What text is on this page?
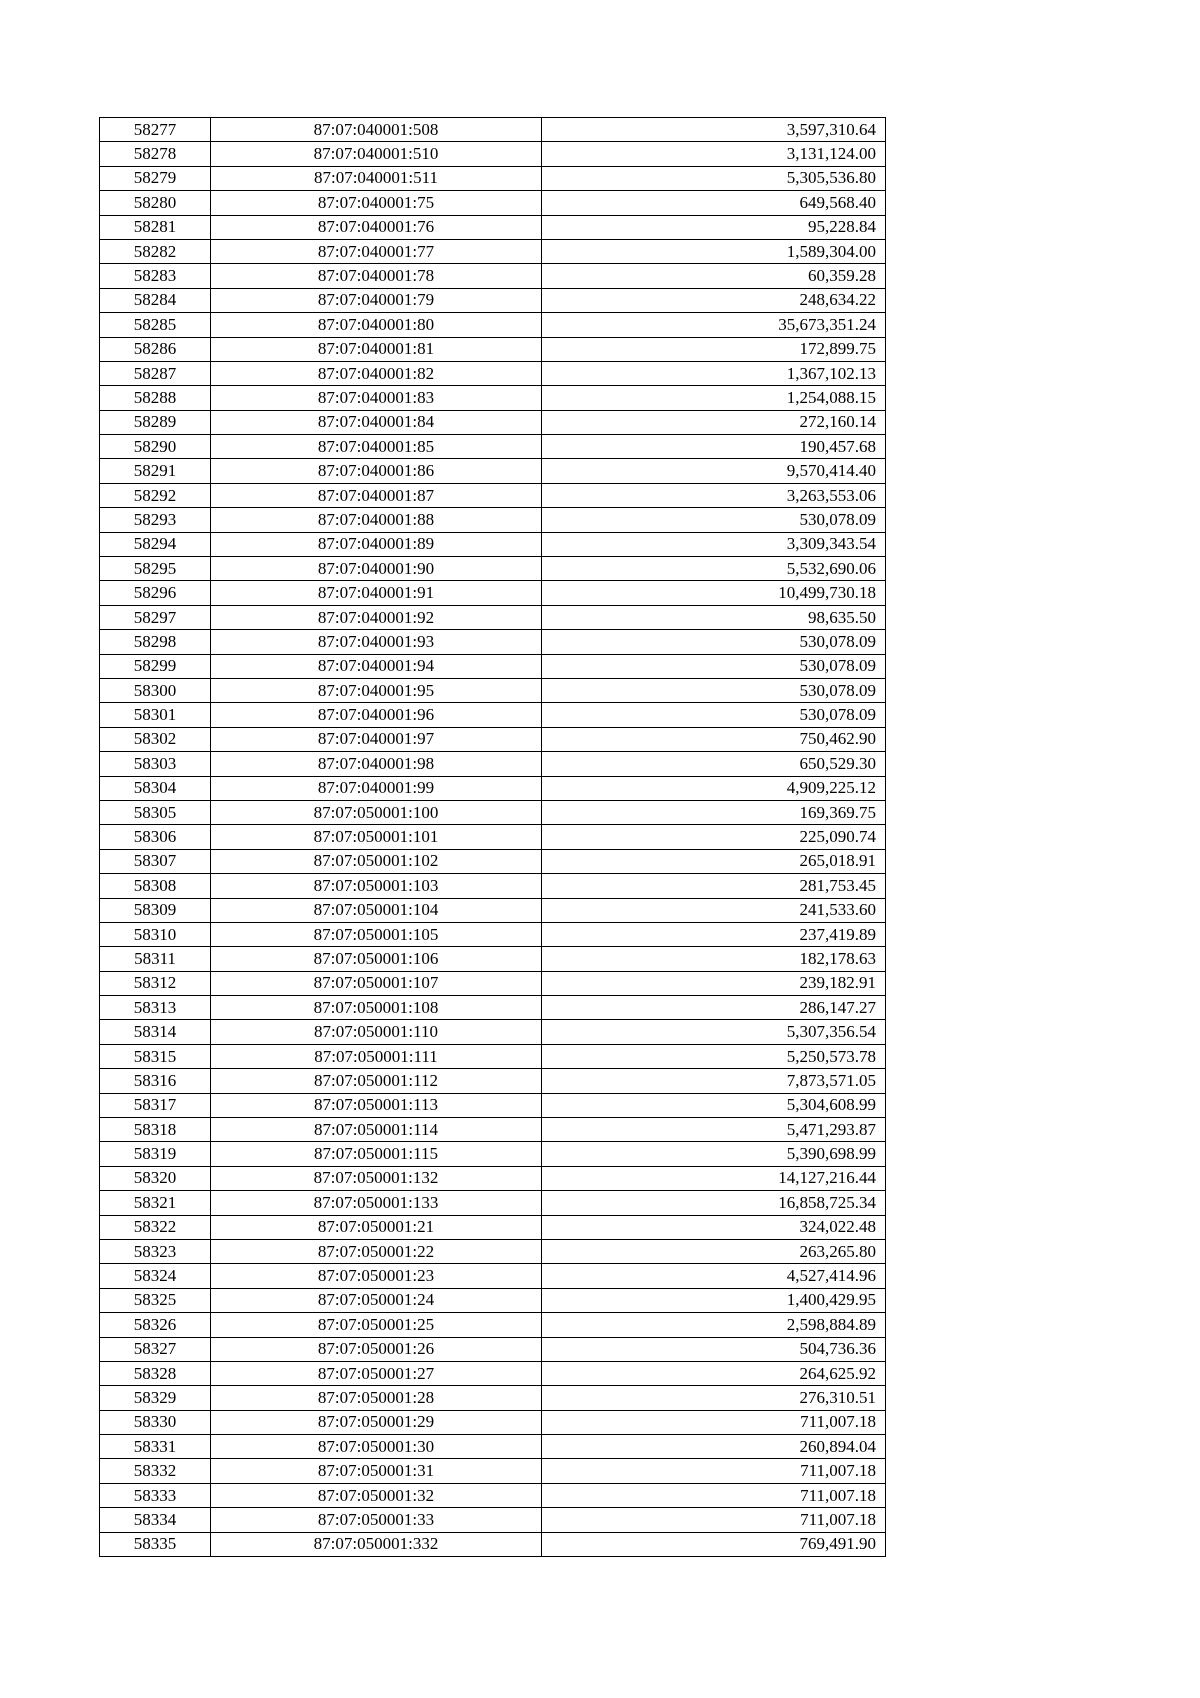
58277	87:07:040001:508	3,597,310.64
58278	87:07:040001:510	3,131,124.00
58279	87:07:040001:511	5,305,536.80
58280	87:07:040001:75	649,568.40
58281	87:07:040001:76	95,228.84
58282	87:07:040001:77	1,589,304.00
58283	87:07:040001:78	60,359.28
58284	87:07:040001:79	248,634.22
58285	87:07:040001:80	35,673,351.24
58286	87:07:040001:81	172,899.75
58287	87:07:040001:82	1,367,102.13
58288	87:07:040001:83	1,254,088.15
58289	87:07:040001:84	272,160.14
58290	87:07:040001:85	190,457.68
58291	87:07:040001:86	9,570,414.40
58292	87:07:040001:87	3,263,553.06
58293	87:07:040001:88	530,078.09
58294	87:07:040001:89	3,309,343.54
58295	87:07:040001:90	5,532,690.06
58296	87:07:040001:91	10,499,730.18
58297	87:07:040001:92	98,635.50
58298	87:07:040001:93	530,078.09
58299	87:07:040001:94	530,078.09
58300	87:07:040001:95	530,078.09
58301	87:07:040001:96	530,078.09
58302	87:07:040001:97	750,462.90
58303	87:07:040001:98	650,529.30
58304	87:07:040001:99	4,909,225.12
58305	87:07:050001:100	169,369.75
58306	87:07:050001:101	225,090.74
58307	87:07:050001:102	265,018.91
58308	87:07:050001:103	281,753.45
58309	87:07:050001:104	241,533.60
58310	87:07:050001:105	237,419.89
58311	87:07:050001:106	182,178.63
58312	87:07:050001:107	239,182.91
58313	87:07:050001:108	286,147.27
58314	87:07:050001:110	5,307,356.54
58315	87:07:050001:111	5,250,573.78
58316	87:07:050001:112	7,873,571.05
58317	87:07:050001:113	5,304,608.99
58318	87:07:050001:114	5,471,293.87
58319	87:07:050001:115	5,390,698.99
58320	87:07:050001:132	14,127,216.44
58321	87:07:050001:133	16,858,725.34
58322	87:07:050001:21	324,022.48
58323	87:07:050001:22	263,265.80
58324	87:07:050001:23	4,527,414.96
58325	87:07:050001:24	1,400,429.95
58326	87:07:050001:25	2,598,884.89
58327	87:07:050001:26	504,736.36
58328	87:07:050001:27	264,625.92
58329	87:07:050001:28	276,310.51
58330	87:07:050001:29	711,007.18
58331	87:07:050001:30	260,894.04
58332	87:07:050001:31	711,007.18
58333	87:07:050001:32	711,007.18
58334	87:07:050001:33	711,007.18
58335	87:07:050001:332	769,491.90
